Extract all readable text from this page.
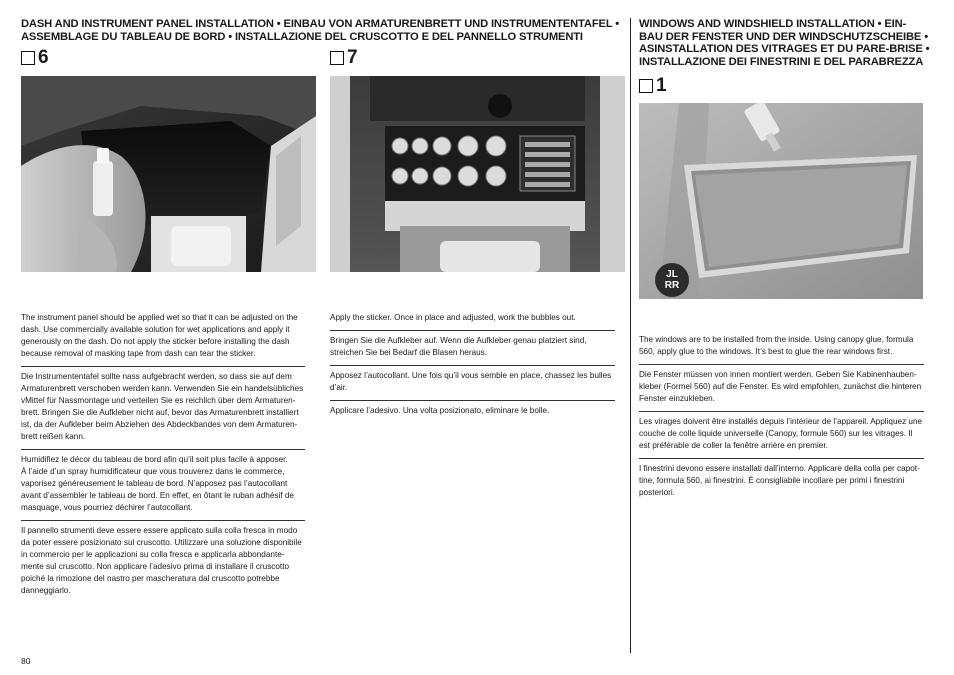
DASH AND INSTRUMENT PANEL INSTALLATION • EINBAU VON ARMATURENBRETT UND INSTRUMENTENTAFEL •
ASSEMBLAGE DU TABLEAU DE BORD • INSTALLAZIONE DEL CRUSCOTTO E DEL PANNELLO STRUMENTI
6	7

The instrument panel should be applied wet so that it can be adjusted on the
dash. Use commercially available solution for wet applications and apply it
generously on the dash. Do not apply the sticker before installing the dash
because removal of masking tape from dash can tear the sticker.

Die Instrumententafel sollte nass aufgebracht werden, so dass sie auf dem
Armaturenbrett verschoben werden kann. Verwenden Sie ein handelsübliches
vMittel für Nassmontage und verteilen Sie es reichlich über dem Armaturen-
brett. Bringen Sie die Aufkleber nicht auf, bevor das Armaturenbrett installiert
ist, da der Aufkleber beim Abziehen des Abdeckbandes von dem Armaturen-
brett reißen kann.

Humidifiez le décor du tableau de bord afin qu’il soit plus facile à apposer.
À l’aide d’un spray humidificateur que vous trouverez dans le commerce,
vaporisez généreusement le tableau de bord. N’apposez pas l’autocollant
avant d’assembler le tableau de bord. En effet, en ôtant le ruban adhésif de
masquage, vous pourriez déchirer l’autocollant.

Il pannello strumenti deve essere essere applicato sulla colla fresca in modo
da poter essere posizionato sul cruscotto. Utilizzare una soluzione disponibile
in commercio per le applicazioni su colla fresca e applicarla abbondante-
mente sul cruscotto. Non applicare l’adesivo prima di installare il cruscotto
poiché la rimozione del nastro per mascheratura dal cruscotto potrebbe
danneggiarlo.

Apply the sticker. Once in place and adjusted, work the bubbles out.

Bringen Sie die Aufkleber auf. Wenn die Aufkleber genau platziert sind,
streichen Sie bei Bedarf die Blasen heraus.

Apposez l’autocollant. Une fois qu’il vous semble en place, chassez les bulles
d’air.

Applicare l’adesivo. Una volta posizionato, eliminare le bolle.

WINDOWS AND WINDSHIELD INSTALLATION • EIN-
BAU DER FENSTER UND DER WINDSCHUTZSCHEIBE •
ASINSTALLATION DES VITRAGES ET DU PARE-BRISE •
INSTALLAZIONE DEI FINESTRINI E DEL PARABREZZA
1
JL RR

The windows are to be installed from the inside. Using canopy glue, formula
560, apply glue to the windows. It’s best to glue the rear windows first.

Die Fenster müssen von innen montiert werden. Geben Sie Kabinenhauben-
kleber (Formel 560) auf die Fenster. Es wird empfohlen, zunächst die hinteren
Fenster einzukleben.

Les virages doivent être installés depuis l’intérieur de l’appareil. Appliquez une
couche de colle liquide universelle (Canopy, formule 560) sur les vitrages. Il
est préférable de coller la fenêtre arrière en premier.

I finestrini devono essere installati dall’interno. Applicare della colla per capot-
tine, formula 560, ai finestrini. È consigliabile incollare per primi i finestrini
posteriori.

80
